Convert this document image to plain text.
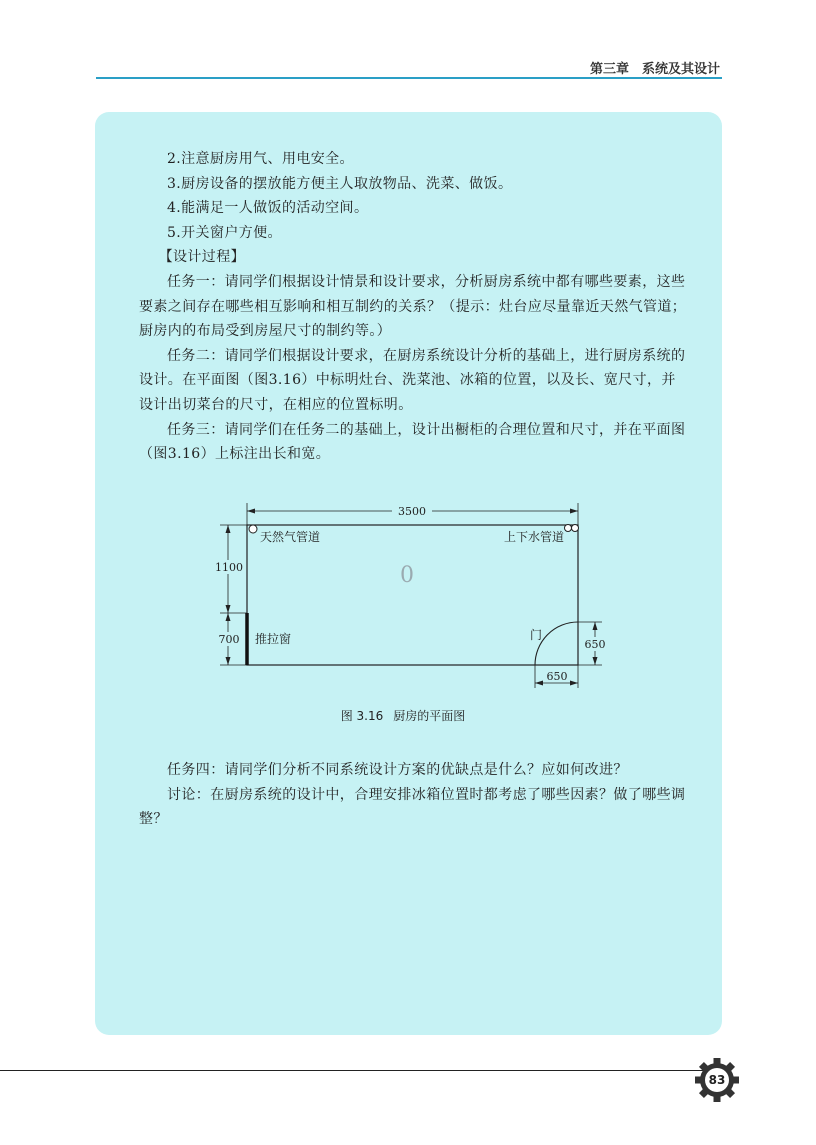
第三章　系统及其设计

2.注意厨房用气、用电安全。

3.厨房设备的摆放能方便主人取放物品、洗菜、做饭。

4.能满足一人做饭的活动空间。

5.开关窗户方便。

【设计过程】

任务一：请同学们根据设计情景和设计要求，分析厨房系统中都有哪些要素，这些要素之间存在哪些相互影响和相互制约的关系？（提示：灶台应尽量靠近天然气管道；厨房内的布局受到房屋尺寸的制约等。）

任务二：请同学们根据设计要求，在厨房系统设计分析的基础上，进行厨房系统的设计。在平面图（图3.16）中标明灶台、洗菜池、冰箱的位置，以及长、宽尺寸，并设计出切菜台的尺寸，在相应的位置标明。

任务三：请同学们在任务二的基础上，设计出橱柜的合理位置和尺寸，并在平面图（图3.16）上标注出长和宽。

3500
1100
700 推拉窗
天然气管道	上下水管道
0
门
650
650
图 3.16 厨房的平面图

任务四：请同学们分析不同系统设计方案的优缺点是什么？应如何改进？

讨论：在厨房系统的设计中，合理安排冰箱位置时都考虑了哪些因素？做了哪些调整？

83
